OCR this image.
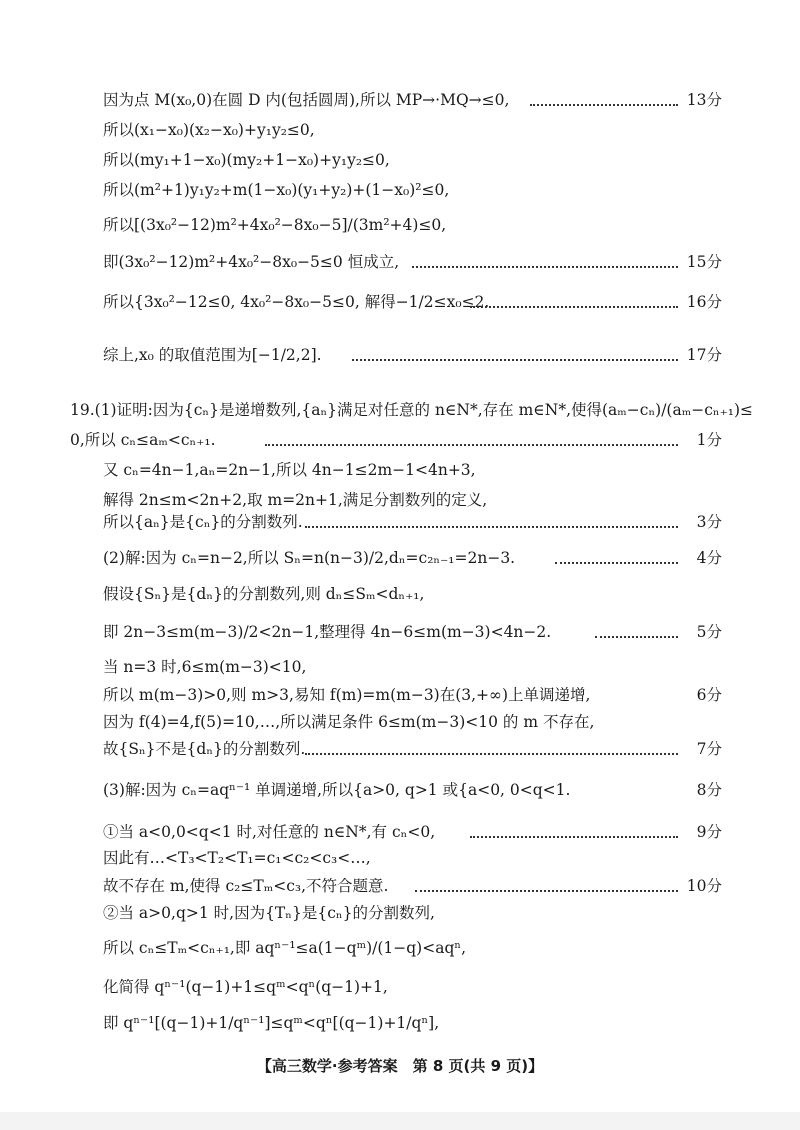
因为点 M(x₀,0)在圆 D 内(包括圆周),所以 MP→·MQ→≤0,	13分
所以(x₁−x₀)(x₂−x₀)+y₁y₂≤0,
所以(my₁+1−x₀)(my₂+1−x₀)+y₁y₂≤0,
所以(m²+1)y₁y₂+m(1−x₀)(y₁+y₂)+(1−x₀)²≤0,
所以[(3x₀²−12)m²+4x₀²−8x₀−5]/(3m²+4)≤0,
即(3x₀²−12)m²+4x₀²−8x₀−5≤0 恒成立,	15分
所以{3x₀²−12≤0, 4x₀²−8x₀−5≤0, 解得−1/2≤x₀≤2.	16分
综上,x₀ 的取值范围为[−1/2,2].	17分
19.(1)证明:因为{cₙ}是递增数列,{aₙ}满足对任意的 n∈N*,存在 m∈N*,使得(aₘ−cₙ)/(aₘ−cₙ₊₁)≤
0,所以 cₙ≤aₘ<cₙ₊₁.	1分
又 cₙ=4n−1,aₙ=2n−1,所以 4n−1≤2m−1<4n+3,
解得 2n≤m<2n+2,取 m=2n+1,满足分割数列的定义,
所以{aₙ}是{cₙ}的分割数列.	3分
(2)解:因为 cₙ=n−2,所以 Sₙ=n(n−3)/2,dₙ=c₂ₙ₋₁=2n−3.	4分
假设{Sₙ}是{dₙ}的分割数列,则 dₙ≤Sₘ<dₙ₊₁,
即 2n−3≤m(m−3)/2<2n−1,整理得 4n−6≤m(m−3)<4n−2.	5分
当 n=3 时,6≤m(m−3)<10,
所以 m(m−3)>0,则 m>3,易知 f(m)=m(m−3)在(3,+∞)上单调递增,	6分
因为 f(4)=4,f(5)=10,…,所以满足条件 6≤m(m−3)<10 的 m 不存在,
故{Sₙ}不是{dₙ}的分割数列.	7分
(3)解:因为 cₙ=aqⁿ⁻¹ 单调递增,所以{a>0, q>1 或{a<0, 0<q<1.	8分
①当 a<0,0<q<1 时,对任意的 n∈N*,有 cₙ<0,	9分
因此有…<T₃<T₂<T₁=c₁<c₂<c₃<…,
故不存在 m,使得 c₂≤Tₘ<c₃,不符合题意.	10分
②当 a>0,q>1 时,因为{Tₙ}是{cₙ}的分割数列,
所以 cₙ≤Tₘ<cₙ₊₁,即 aqⁿ⁻¹≤a(1−qᵐ)/(1−q)<aqⁿ,
化简得 qⁿ⁻¹(q−1)+1≤qᵐ<qⁿ(q−1)+1,
即 qⁿ⁻¹[(q−1)+1/qⁿ⁻¹]≤qᵐ<qⁿ[(q−1)+1/qⁿ],
【高三数学·参考答案　第 8 页(共 9 页)】
